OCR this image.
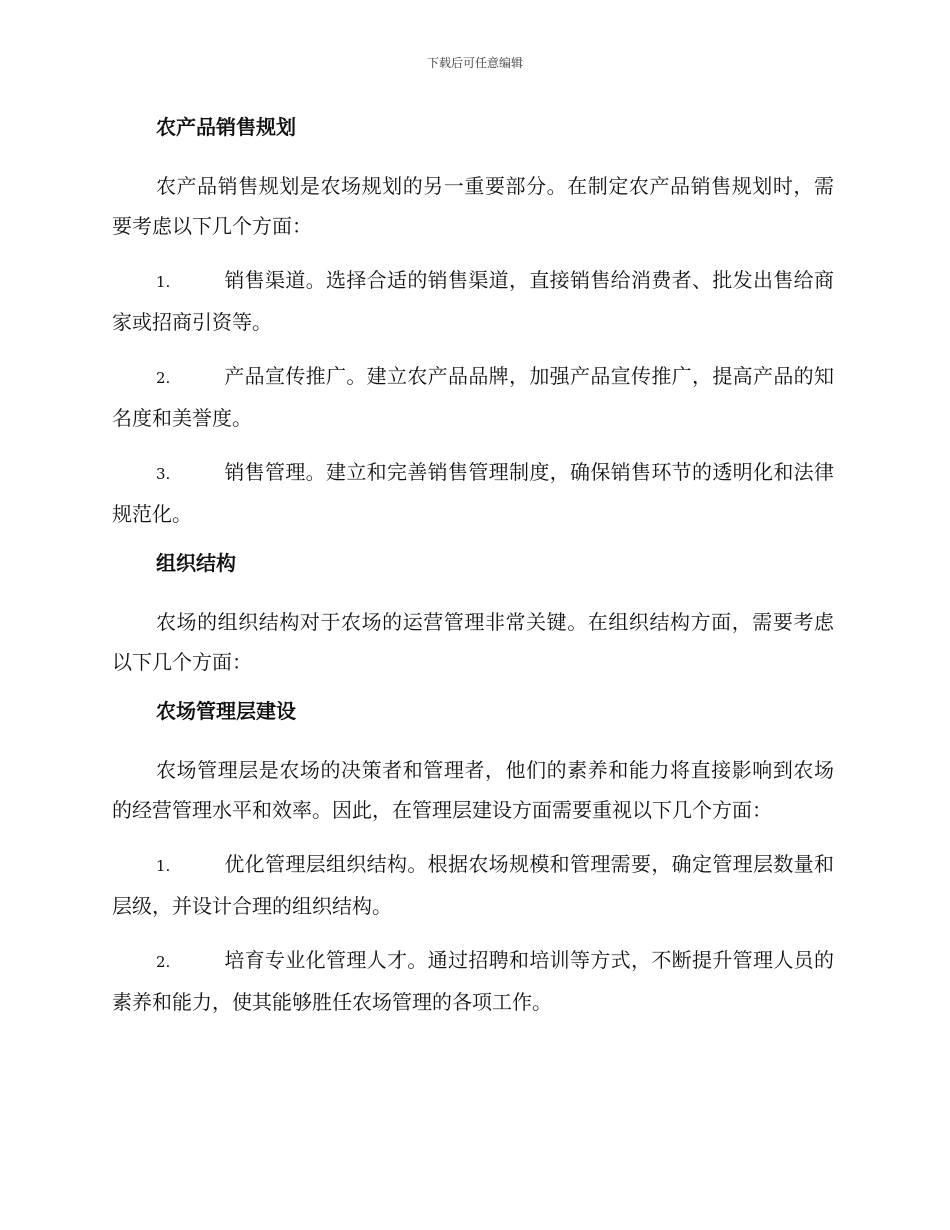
下载后可任意编辑
农产品销售规划

农产品销售规划是农场规划的另一重要部分。在制定农产品销售规划时，需要考虑以下几个方面：

1.	销售渠道。选择合适的销售渠道，直接销售给消费者、批发出售给商家或招商引资等。

2.	产品宣传推广。建立农产品品牌，加强产品宣传推广，提高产品的知名度和美誉度。

3.	销售管理。建立和完善销售管理制度，确保销售环节的透明化和法律规范化。

组织结构

农场的组织结构对于农场的运营管理非常关键。在组织结构方面，需要考虑以下几个方面：

农场管理层建设

农场管理层是农场的决策者和管理者，他们的素养和能力将直接影响到农场的经营管理水平和效率。因此，在管理层建设方面需要重视以下几个方面：

1.	优化管理层组织结构。根据农场规模和管理需要，确定管理层数量和层级，并设计合理的组织结构。

2.	培育专业化管理人才。通过招聘和培训等方式，不断提升管理人员的素养和能力，使其能够胜任农场管理的各项工作。
